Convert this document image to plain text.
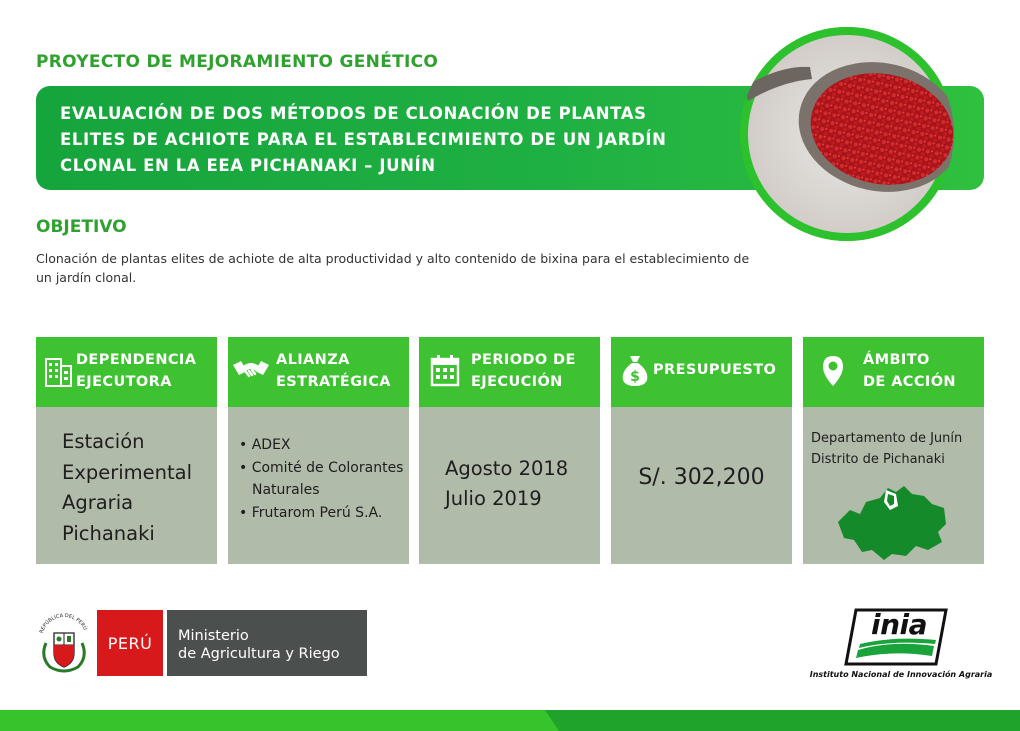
PROYECTO DE MEJORAMIENTO GENÉTICO
EVALUACIÓN DE DOS MÉTODOS DE CLONACIÓN DE PLANTAS
ELITES DE ACHIOTE PARA EL ESTABLECIMIENTO DE UN JARDÍN
CLONAL EN LA EEA PICHANAKI – JUNÍN
OBJETIVO
Clonación de plantas elites de achiote de alta productividad y alto contenido de bixina para el establecimiento de un jardín clonal.
DEPENDENCIA
EJECUTORA
Estación
Experimental
Agraria
Pichanaki
ALIANZA
ESTRATÉGICA
• ADEX
• Comité de Colorantes
Naturales
• Frutarom Perú S.A.
PERIODO DE
EJECUCIÓN
Agosto 2018
Julio 2019
$ PRESUPUESTO
S/. 302,200
ÁMBITO
DE ACCIÓN
Departamento de Junín
Distrito de Pichanaki
REPÚBLICA DEL PERÚ
PERÚ	Ministerio
de Agricultura y Riego
inia
Instituto Nacional de Innovación Agraria
